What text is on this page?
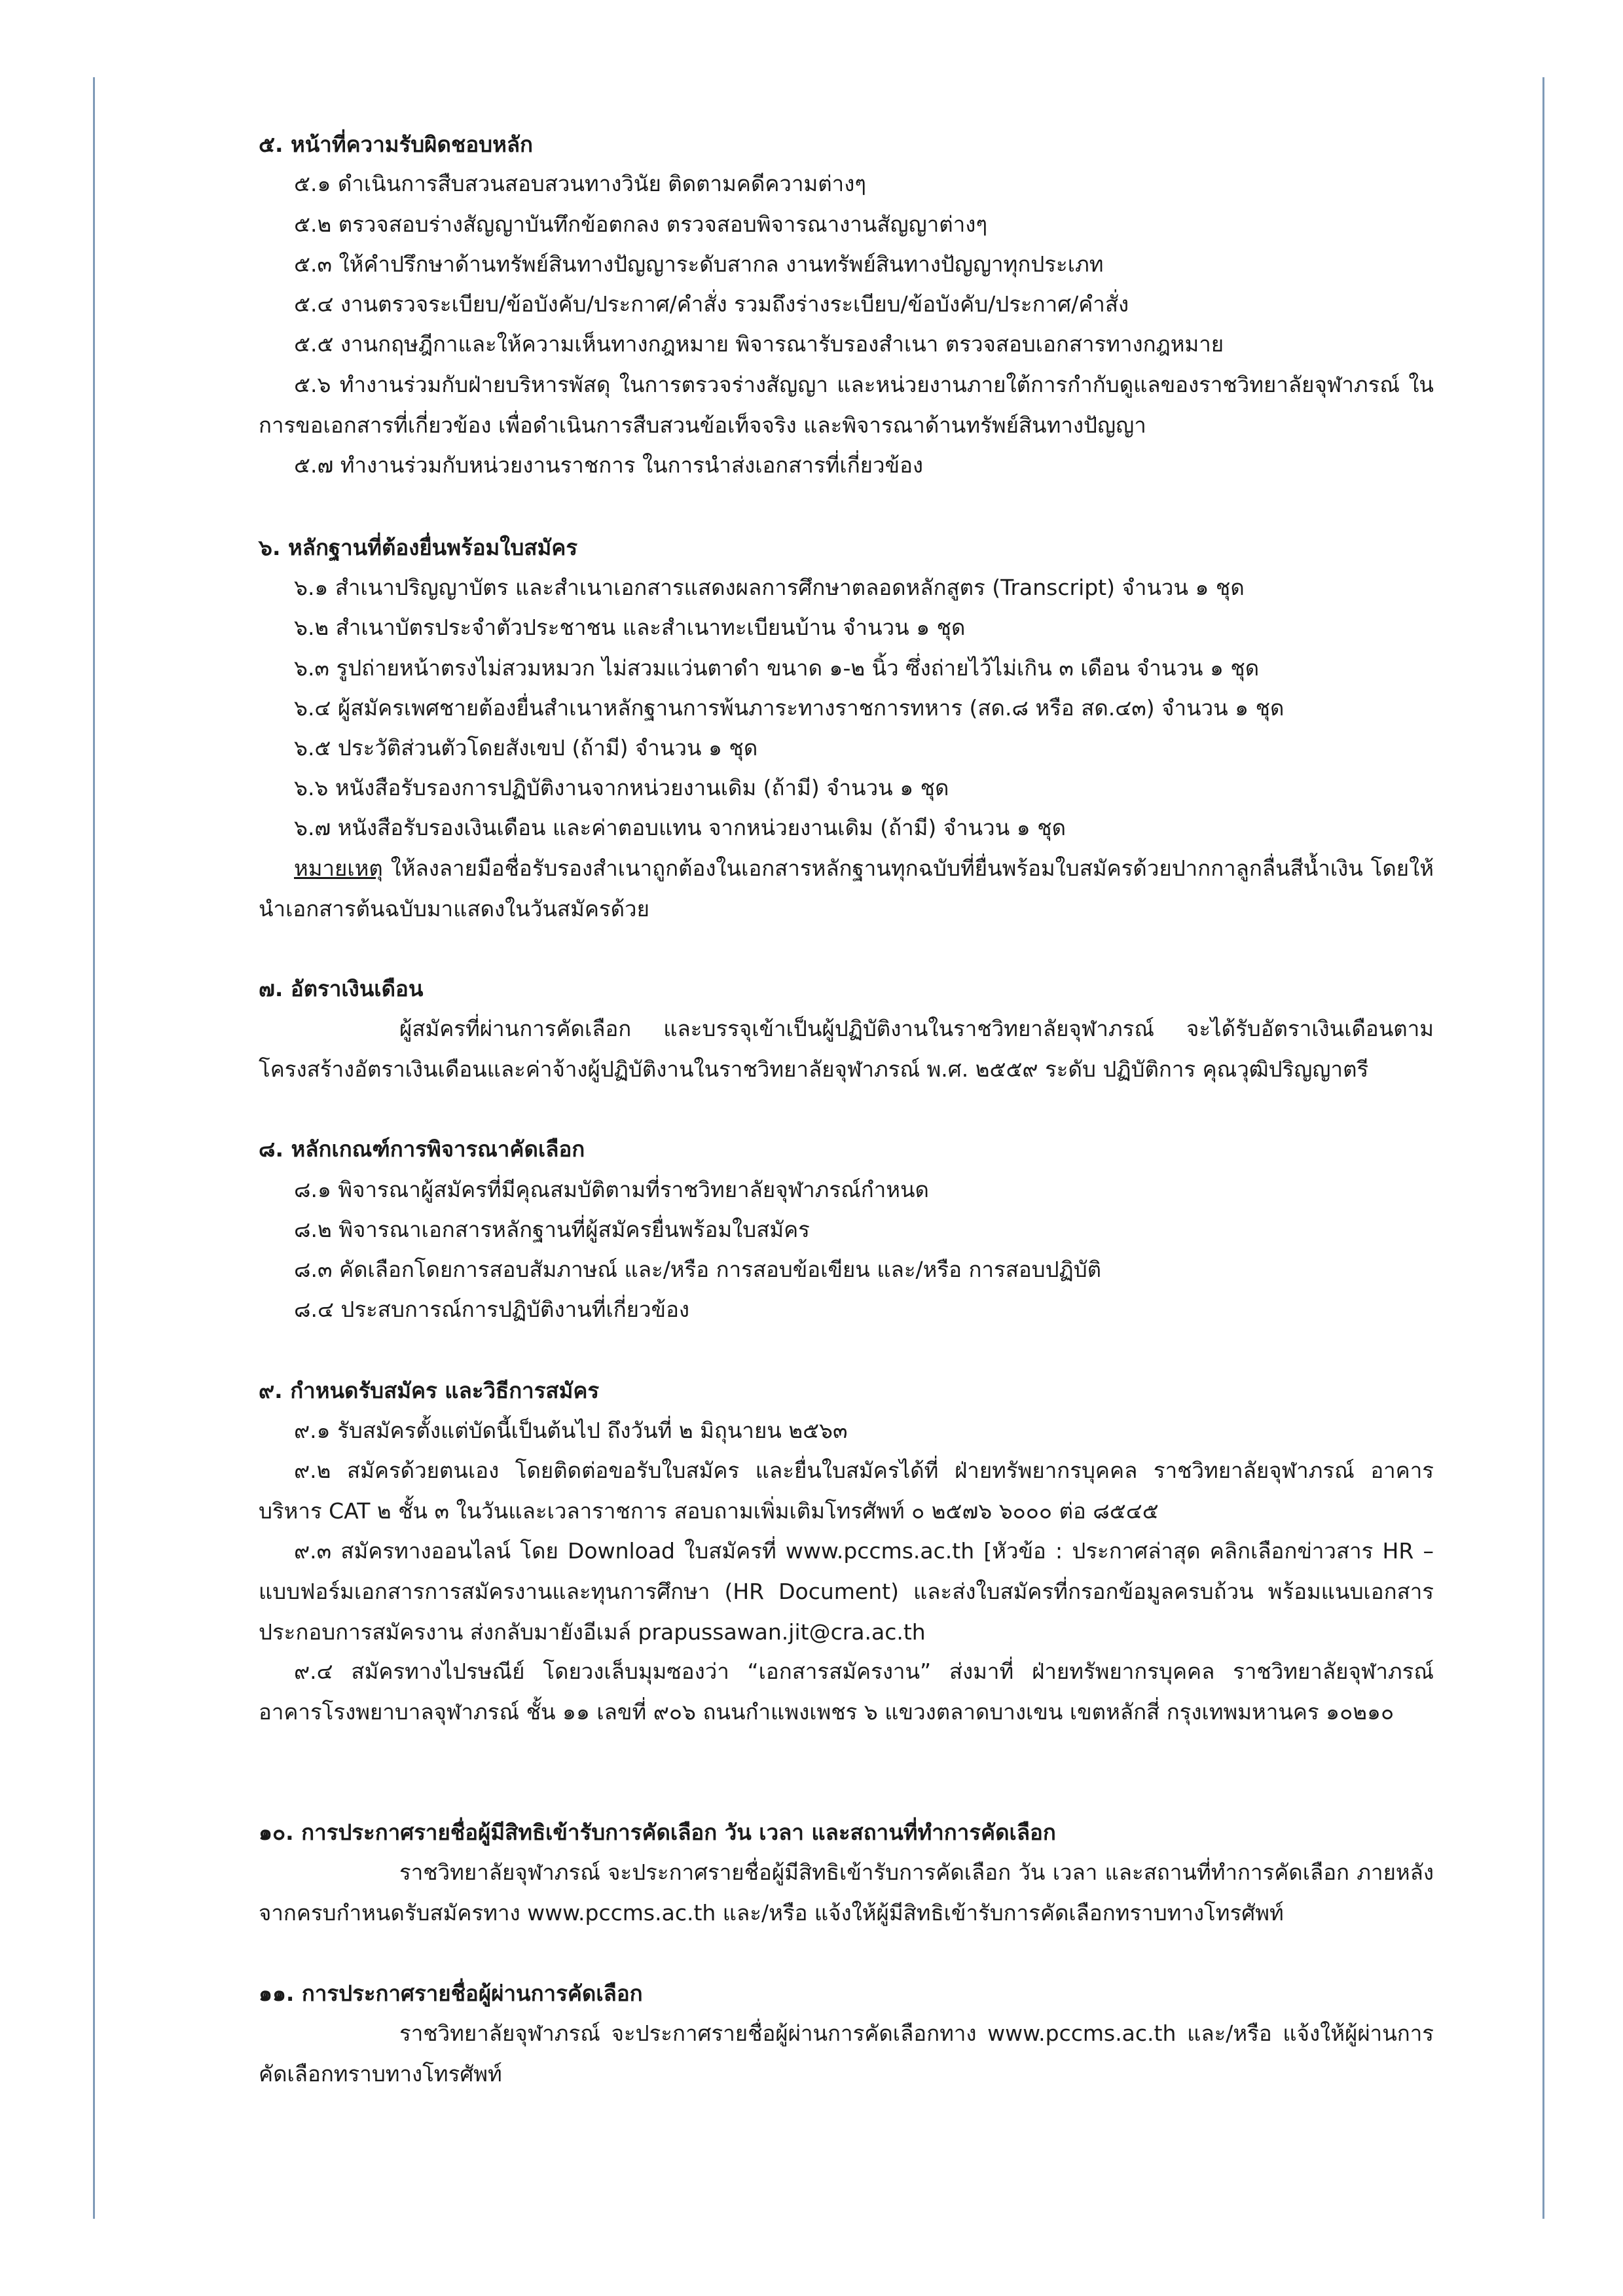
๕. หน้าที่ความรับผิดชอบหลัก
๕.๑ ดำเนินการสืบสวนสอบสวนทางวินัย ติดตามคดีความต่างๆ
๕.๒ ตรวจสอบร่างสัญญาบันทึกข้อตกลง ตรวจสอบพิจารณางานสัญญาต่างๆ
๕.๓ ให้คำปรึกษาด้านทรัพย์สินทางปัญญาระดับสากล งานทรัพย์สินทางปัญญาทุกประเภท
๕.๔ งานตรวจระเบียบ/ข้อบังคับ/ประกาศ/คำสั่ง รวมถึงร่างระเบียบ/ข้อบังคับ/ประกาศ/คำสั่ง
๕.๕ งานกฤษฎีกาและให้ความเห็นทางกฎหมาย พิจารณารับรองสำเนา ตรวจสอบเอกสารทางกฎหมาย
๕.๖ ทำงานร่วมกับฝ่ายบริหารพัสดุ ในการตรวจร่างสัญญา และหน่วยงานภายใต้การกำกับดูแลของราชวิทยาลัยจุฬาภรณ์ ในการขอเอกสารที่เกี่ยวข้อง เพื่อดำเนินการสืบสวนข้อเท็จจริง และพิจารณาด้านทรัพย์สินทางปัญญา
๕.๗ ทำงานร่วมกับหน่วยงานราชการ ในการนำส่งเอกสารที่เกี่ยวข้อง
๖. หลักฐานที่ต้องยื่นพร้อมใบสมัคร
๖.๑ สำเนาปริญญาบัตร และสำเนาเอกสารแสดงผลการศึกษาตลอดหลักสูตร (Transcript) จำนวน ๑ ชุด
๖.๒ สำเนาบัตรประจำตัวประชาชน และสำเนาทะเบียนบ้าน จำนวน ๑ ชุด
๖.๓ รูปถ่ายหน้าตรงไม่สวมหมวก ไม่สวมแว่นตาดำ ขนาด ๑-๒ นิ้ว ซึ่งถ่ายไว้ไม่เกิน ๓ เดือน จำนวน ๑ ชุด
๖.๔ ผู้สมัครเพศชายต้องยื่นสำเนาหลักฐานการพ้นภาระทางราชการทหาร (สด.๘ หรือ สด.๔๓) จำนวน ๑ ชุด
๖.๕ ประวัติส่วนตัวโดยสังเขป (ถ้ามี) จำนวน ๑ ชุด
๖.๖ หนังสือรับรองการปฏิบัติงานจากหน่วยงานเดิม (ถ้ามี) จำนวน ๑ ชุด
๖.๗ หนังสือรับรองเงินเดือน และค่าตอบแทน จากหน่วยงานเดิม (ถ้ามี) จำนวน ๑ ชุด
หมายเหตุ ให้ลงลายมือชื่อรับรองสำเนาถูกต้องในเอกสารหลักฐานทุกฉบับที่ยื่นพร้อมใบสมัครด้วยปากกาลูกลื่นสีน้ำเงิน โดยให้นำเอกสารต้นฉบับมาแสดงในวันสมัครด้วย
๗. อัตราเงินเดือน
ผู้สมัครที่ผ่านการคัดเลือก และบรรจุเข้าเป็นผู้ปฏิบัติงานในราชวิทยาลัยจุฬาภรณ์ จะได้รับอัตราเงินเดือนตามโครงสร้างอัตราเงินเดือนและค่าจ้างผู้ปฏิบัติงานในราชวิทยาลัยจุฬาภรณ์ พ.ศ. ๒๕๕๙ ระดับ ปฏิบัติการ คุณวุฒิปริญญาตรี
๘. หลักเกณฑ์การพิจารณาคัดเลือก
๘.๑ พิจารณาผู้สมัครที่มีคุณสมบัติตามที่ราชวิทยาลัยจุฬาภรณ์กำหนด
๘.๒ พิจารณาเอกสารหลักฐานที่ผู้สมัครยื่นพร้อมใบสมัคร
๘.๓ คัดเลือกโดยการสอบสัมภาษณ์ และ/หรือ การสอบข้อเขียน และ/หรือ การสอบปฏิบัติ
๘.๔ ประสบการณ์การปฏิบัติงานที่เกี่ยวข้อง
๙. กำหนดรับสมัคร และวิธีการสมัคร
๙.๑ รับสมัครตั้งแต่บัดนี้เป็นต้นไป ถึงวันที่ ๒ มิถุนายน ๒๕๖๓
๙.๒ สมัครด้วยตนเอง โดยติดต่อขอรับใบสมัคร และยื่นใบสมัครได้ที่ ฝ่ายทรัพยากรบุคคล ราชวิทยาลัยจุฬาภรณ์ อาคารบริหาร CAT ๒ ชั้น ๓ ในวันและเวลาราชการ สอบถามเพิ่มเติมโทรศัพท์ ๐ ๒๕๗๖ ๖๐๐๐ ต่อ ๘๕๔๕
๙.๓ สมัครทางออนไลน์ โดย Download ใบสมัครที่ www.pccms.ac.th [หัวข้อ : ประกาศล่าสุด คลิกเลือกข่าวสาร HR – แบบฟอร์มเอกสารการสมัครงานและทุนการศึกษา (HR Document) และส่งใบสมัครที่กรอกข้อมูลครบถ้วน พร้อมแนบเอกสารประกอบการสมัครงาน ส่งกลับมายังอีเมล์ prapussawan.jit@cra.ac.th
๙.๔ สมัครทางไปรษณีย์ โดยวงเล็บมุมซองว่า “เอกสารสมัครงาน” ส่งมาที่ ฝ่ายทรัพยากรบุคคล ราชวิทยาลัยจุฬาภรณ์ อาคารโรงพยาบาลจุฬาภรณ์ ชั้น ๑๑ เลขที่ ๙๐๖ ถนนกำแพงเพชร ๖ แขวงตลาดบางเขน เขตหลักสี่ กรุงเทพมหานคร ๑๐๒๑๐
๑๐. การประกาศรายชื่อผู้มีสิทธิเข้ารับการคัดเลือก วัน เวลา และสถานที่ทำการคัดเลือก
ราชวิทยาลัยจุฬาภรณ์ จะประกาศรายชื่อผู้มีสิทธิเข้ารับการคัดเลือก วัน เวลา และสถานที่ทำการคัดเลือก ภายหลังจากครบกำหนดรับสมัครทาง www.pccms.ac.th และ/หรือ แจ้งให้ผู้มีสิทธิเข้ารับการคัดเลือกทราบทางโทรศัพท์
๑๑. การประกาศรายชื่อผู้ผ่านการคัดเลือก
ราชวิทยาลัยจุฬาภรณ์ จะประกาศรายชื่อผู้ผ่านการคัดเลือกทาง www.pccms.ac.th และ/หรือ แจ้งให้ผู้ผ่านการคัดเลือกทราบทางโทรศัพท์
